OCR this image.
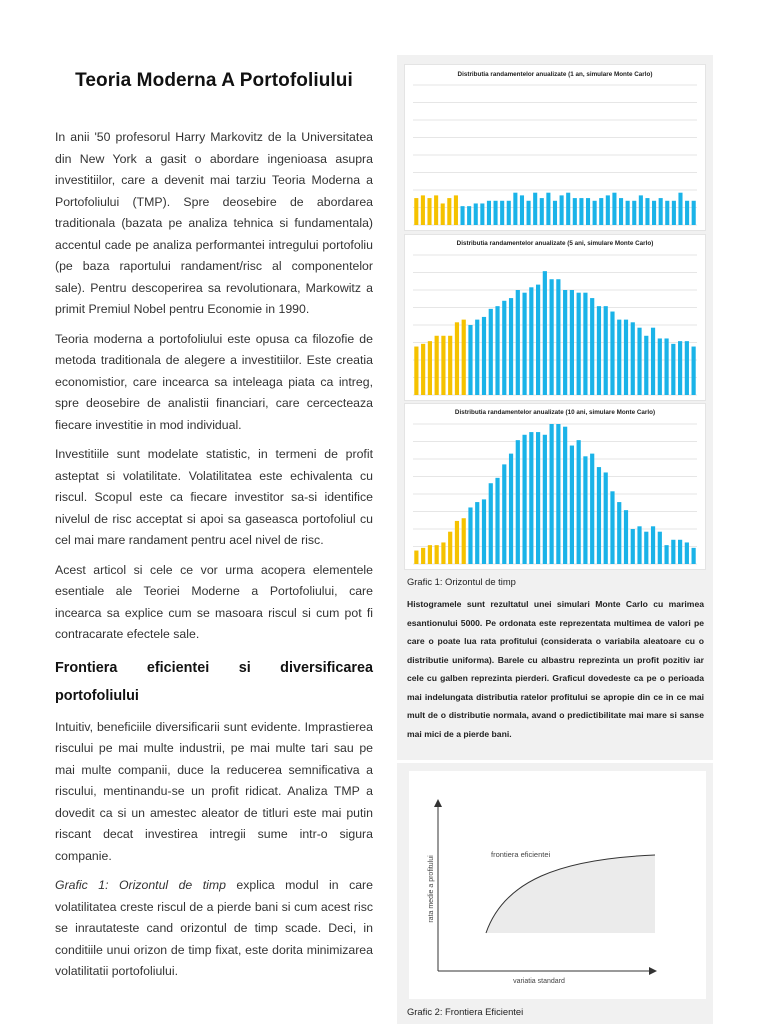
Teoria Moderna A Portofoliului

In anii '50 profesorul Harry Markovitz de la Universitatea din New York a gasit o abordare ingenioasa asupra investitiilor, care a devenit mai tarziu Teoria Moderna a Portofoliului (TMP). Spre deosebire de abordarea traditionala (bazata pe analiza tehnica si fundamentala) accentul cade pe analiza performantei intregului portofoliu (pe baza raportului randament/risc al componentelor sale). Pentru descoperirea sa revolutionara, Markowitz a primit Premiul Nobel pentru Economie in 1990.

Teoria moderna a portofoliului este opusa ca filozofie de metoda traditionala de alegere a investitiilor. Este creatia economistior, care incearca sa inteleaga piata ca intreg, spre deosebire de analistii financiari, care cercecteaza fiecare investitie in mod individual.

Investitiile sunt modelate statistic, in termeni de profit asteptat si volatilitate. Volatilitatea este echivalenta cu riscul. Scopul este ca fiecare investitor sa-si identifice nivelul de risc acceptat si apoi sa gaseasca portofoliul cu cel mai mare randament pentru acel nivel de risc.

Acest articol si cele ce vor urma acopera elementele esentiale ale Teoriei Moderne a Portofoliului, care incearca sa explice cum se masoara riscul si cum pot fi contracarate efectele sale.

Frontiera eficientei si diversificarea
portofoliului

Intuitiv, beneficiile diversificarii sunt evidente. Imprastierea riscului pe mai multe industrii, pe mai multe tari sau pe mai multe companii, duce la reducerea semnificativa a riscului, mentinandu-se un profit ridicat. Analiza TMP a dovedit ca si un amestec aleator de titluri este mai putin riscant decat investirea intregii sume intr-o sigura companie.

Grafic 1: Orizontul de timp explica modul in care volatilitatea creste riscul de a pierde bani si cum acest risc se inrautateste cand orizontul de timp scade. Deci, in conditiile unui orizon de timp fixat, este dorita minimizarea volatilitatii portofoliului.

Distributia randamentelor anualizate (1 an, simulare Monte Carlo)
Distributia randamentelor anualizate (5 ani, simulare Monte Carlo)
Distributia randamentelor anualizate (10 ani, simulare Monte Carlo)

Grafic 1: Orizontul de timp

Histogramele sunt rezultatul unei simulari Monte Carlo cu marimea esantionului 5000. Pe ordonata este reprezentata multimea de valori pe care o poate lua rata profitului (considerata o variabila aleatoare cu o distributie uniforma). Barele cu albastru reprezinta un profit pozitiv iar cele cu galben reprezinta pierderi. Graficul dovedeste ca pe o perioada mai indelungata distributia ratelor profitului se apropie din ce in ce mai mult de o distributie normala, avand o predictibilitate mai mare si sanse mai mici de a pierde bani.

rata medie a profitului
variatia standard
frontiera eficientei

Grafic 2: Frontiera Eficientei
